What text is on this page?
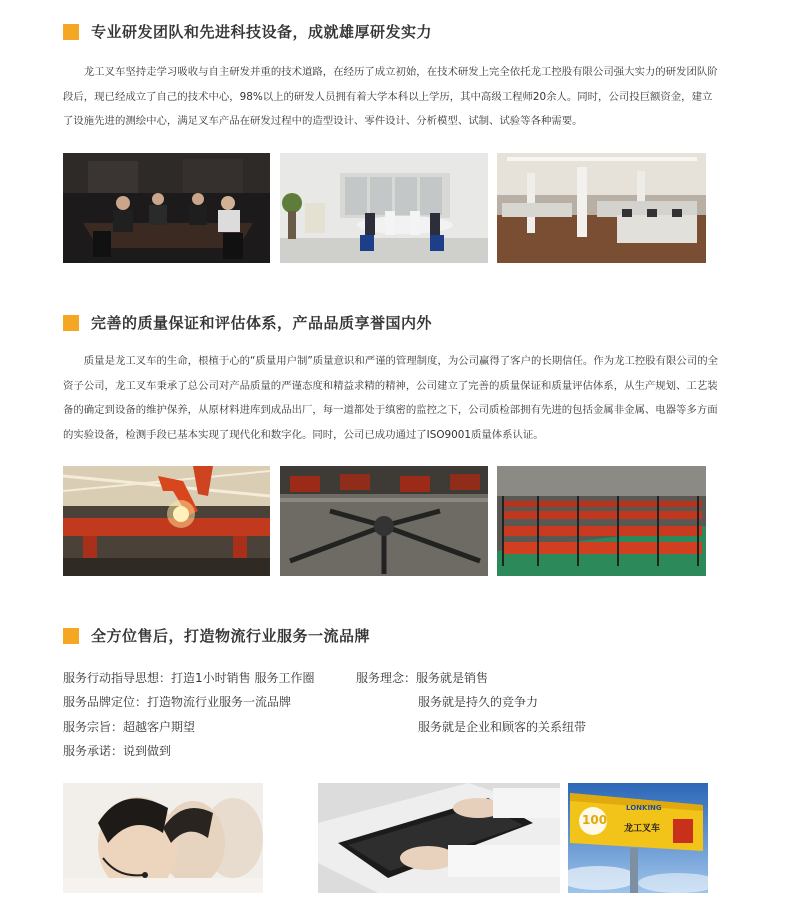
专业研发团队和先进科技设备，成就雄厚研发实力

龙工叉车坚持走学习吸收与自主研发并重的技术道路，在经历了成立初始，在技术研发上完全依托龙工控股有限公司强大实力的研发团队阶段后，现已经成立了自己的技术中心，98%以上的研发人员拥有着大学本科以上学历，其中高级工程师20余人。同时，公司投巨额资金，建立了设施先进的测绘中心，满足叉车产品在研发过程中的造型设计、零件设计、分析模型、试制、试验等各种需要。

完善的质量保证和评估体系，产品品质享誉国内外

质量是龙工叉车的生命，根植于心的“质量用户制”质量意识和严谨的管理制度，为公司赢得了客户的长期信任。作为龙工控股有限公司的全资子公司，龙工叉车秉承了总公司对产品质量的严谨态度和精益求精的精神，公司建立了完善的质量保证和质量评估体系，从生产规划、工艺装备的确定到设备的维护保养，从原材料进库到成品出厂，每一道都处于缜密的监控之下，公司质检部拥有先进的包括金属非金属、电器等多方面的实验设备，检测手段已基本实现了现代化和数字化。同时，公司已成功通过了ISO9001质量体系认证。

全方位售后，打造物流行业服务一流品牌
服务行动指导思想：打造1小时销售 服务工作圈
服务品牌定位：打造物流行业服务一流品牌
服务宗旨：超越客户期望
服务承诺：说到做到
服务理念：服务就是销售
服务就是持久的竞争力
服务就是企业和顾客的关系纽带
100
LONKING
龙工叉车
